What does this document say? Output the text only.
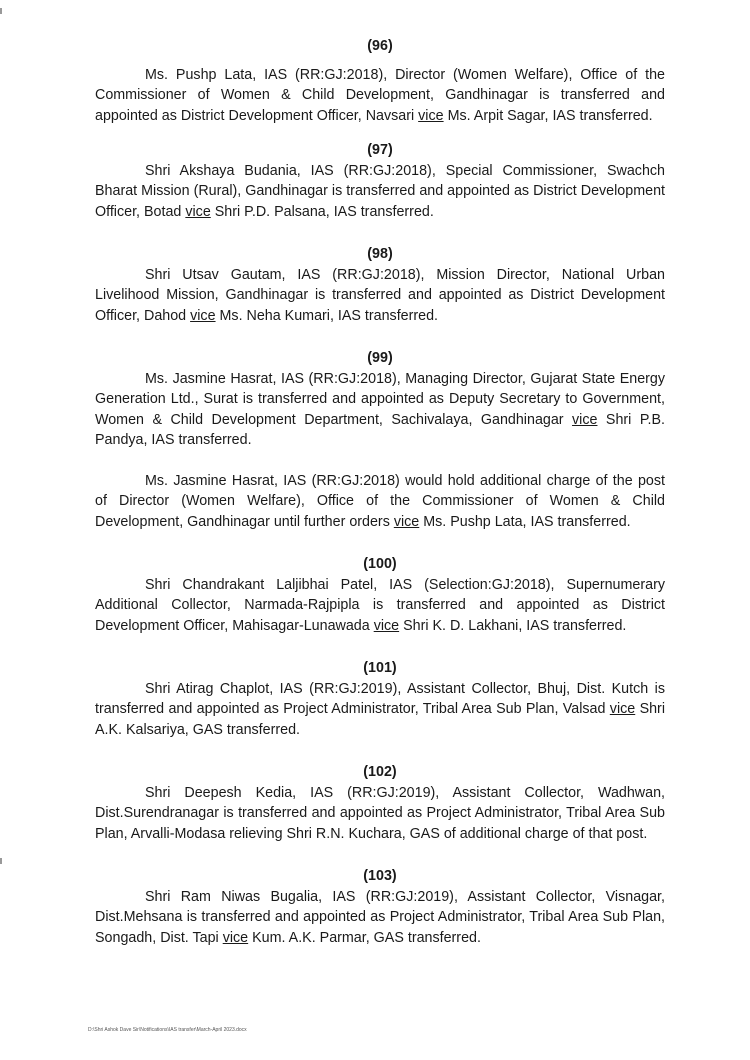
(96)

Ms. Pushp Lata, IAS (RR:GJ:2018), Director (Women Welfare), Office of the Commissioner of Women & Child Development, Gandhinagar is transferred and appointed as District Development Officer, Navsari vice Ms. Arpit Sagar, IAS transferred.

(97)

Shri Akshaya Budania, IAS (RR:GJ:2018), Special Commissioner, Swachch Bharat Mission (Rural), Gandhinagar is transferred and appointed as District Development Officer, Botad vice Shri P.D. Palsana, IAS transferred.

(98)

Shri Utsav Gautam, IAS (RR:GJ:2018), Mission Director, National Urban Livelihood Mission, Gandhinagar is transferred and appointed as District Development Officer, Dahod vice Ms. Neha Kumari, IAS transferred.

(99)

Ms. Jasmine Hasrat, IAS (RR:GJ:2018), Managing Director, Gujarat State Energy Generation Ltd., Surat is transferred and appointed as Deputy Secretary to Government, Women & Child Development Department, Sachivalaya, Gandhinagar vice Shri P.B. Pandya, IAS transferred.

Ms. Jasmine Hasrat, IAS (RR:GJ:2018) would hold additional charge of the post of Director (Women Welfare), Office of the Commissioner of Women & Child Development, Gandhinagar until further orders vice Ms. Pushp Lata, IAS transferred.

(100)

Shri Chandrakant Laljibhai Patel, IAS (Selection:GJ:2018), Supernumerary Additional Collector, Narmada-Rajpipla is transferred and appointed as District Development Officer, Mahisagar-Lunawada vice Shri K. D. Lakhani, IAS transferred.

(101)

Shri Atirag Chaplot, IAS (RR:GJ:2019), Assistant Collector, Bhuj, Dist. Kutch is transferred and appointed as Project Administrator, Tribal Area Sub Plan, Valsad vice Shri A.K. Kalsariya, GAS transferred.

(102)

Shri Deepesh Kedia, IAS (RR:GJ:2019), Assistant Collector, Wadhwan, Dist.Surendranagar is transferred and appointed as Project Administrator, Tribal Area Sub Plan, Arvalli-Modasa relieving Shri R.N. Kuchara, GAS of additional charge of that post.

(103)

Shri Ram Niwas Bugalia, IAS (RR:GJ:2019), Assistant Collector, Visnagar, Dist.Mehsana is transferred and appointed as Project Administrator, Tribal Area Sub Plan, Songadh, Dist. Tapi vice Kum. A.K. Parmar, GAS transferred.

D:\Shri Ashok Dave Sir\Notifications\IAS transfer\March-April 2023.docx
